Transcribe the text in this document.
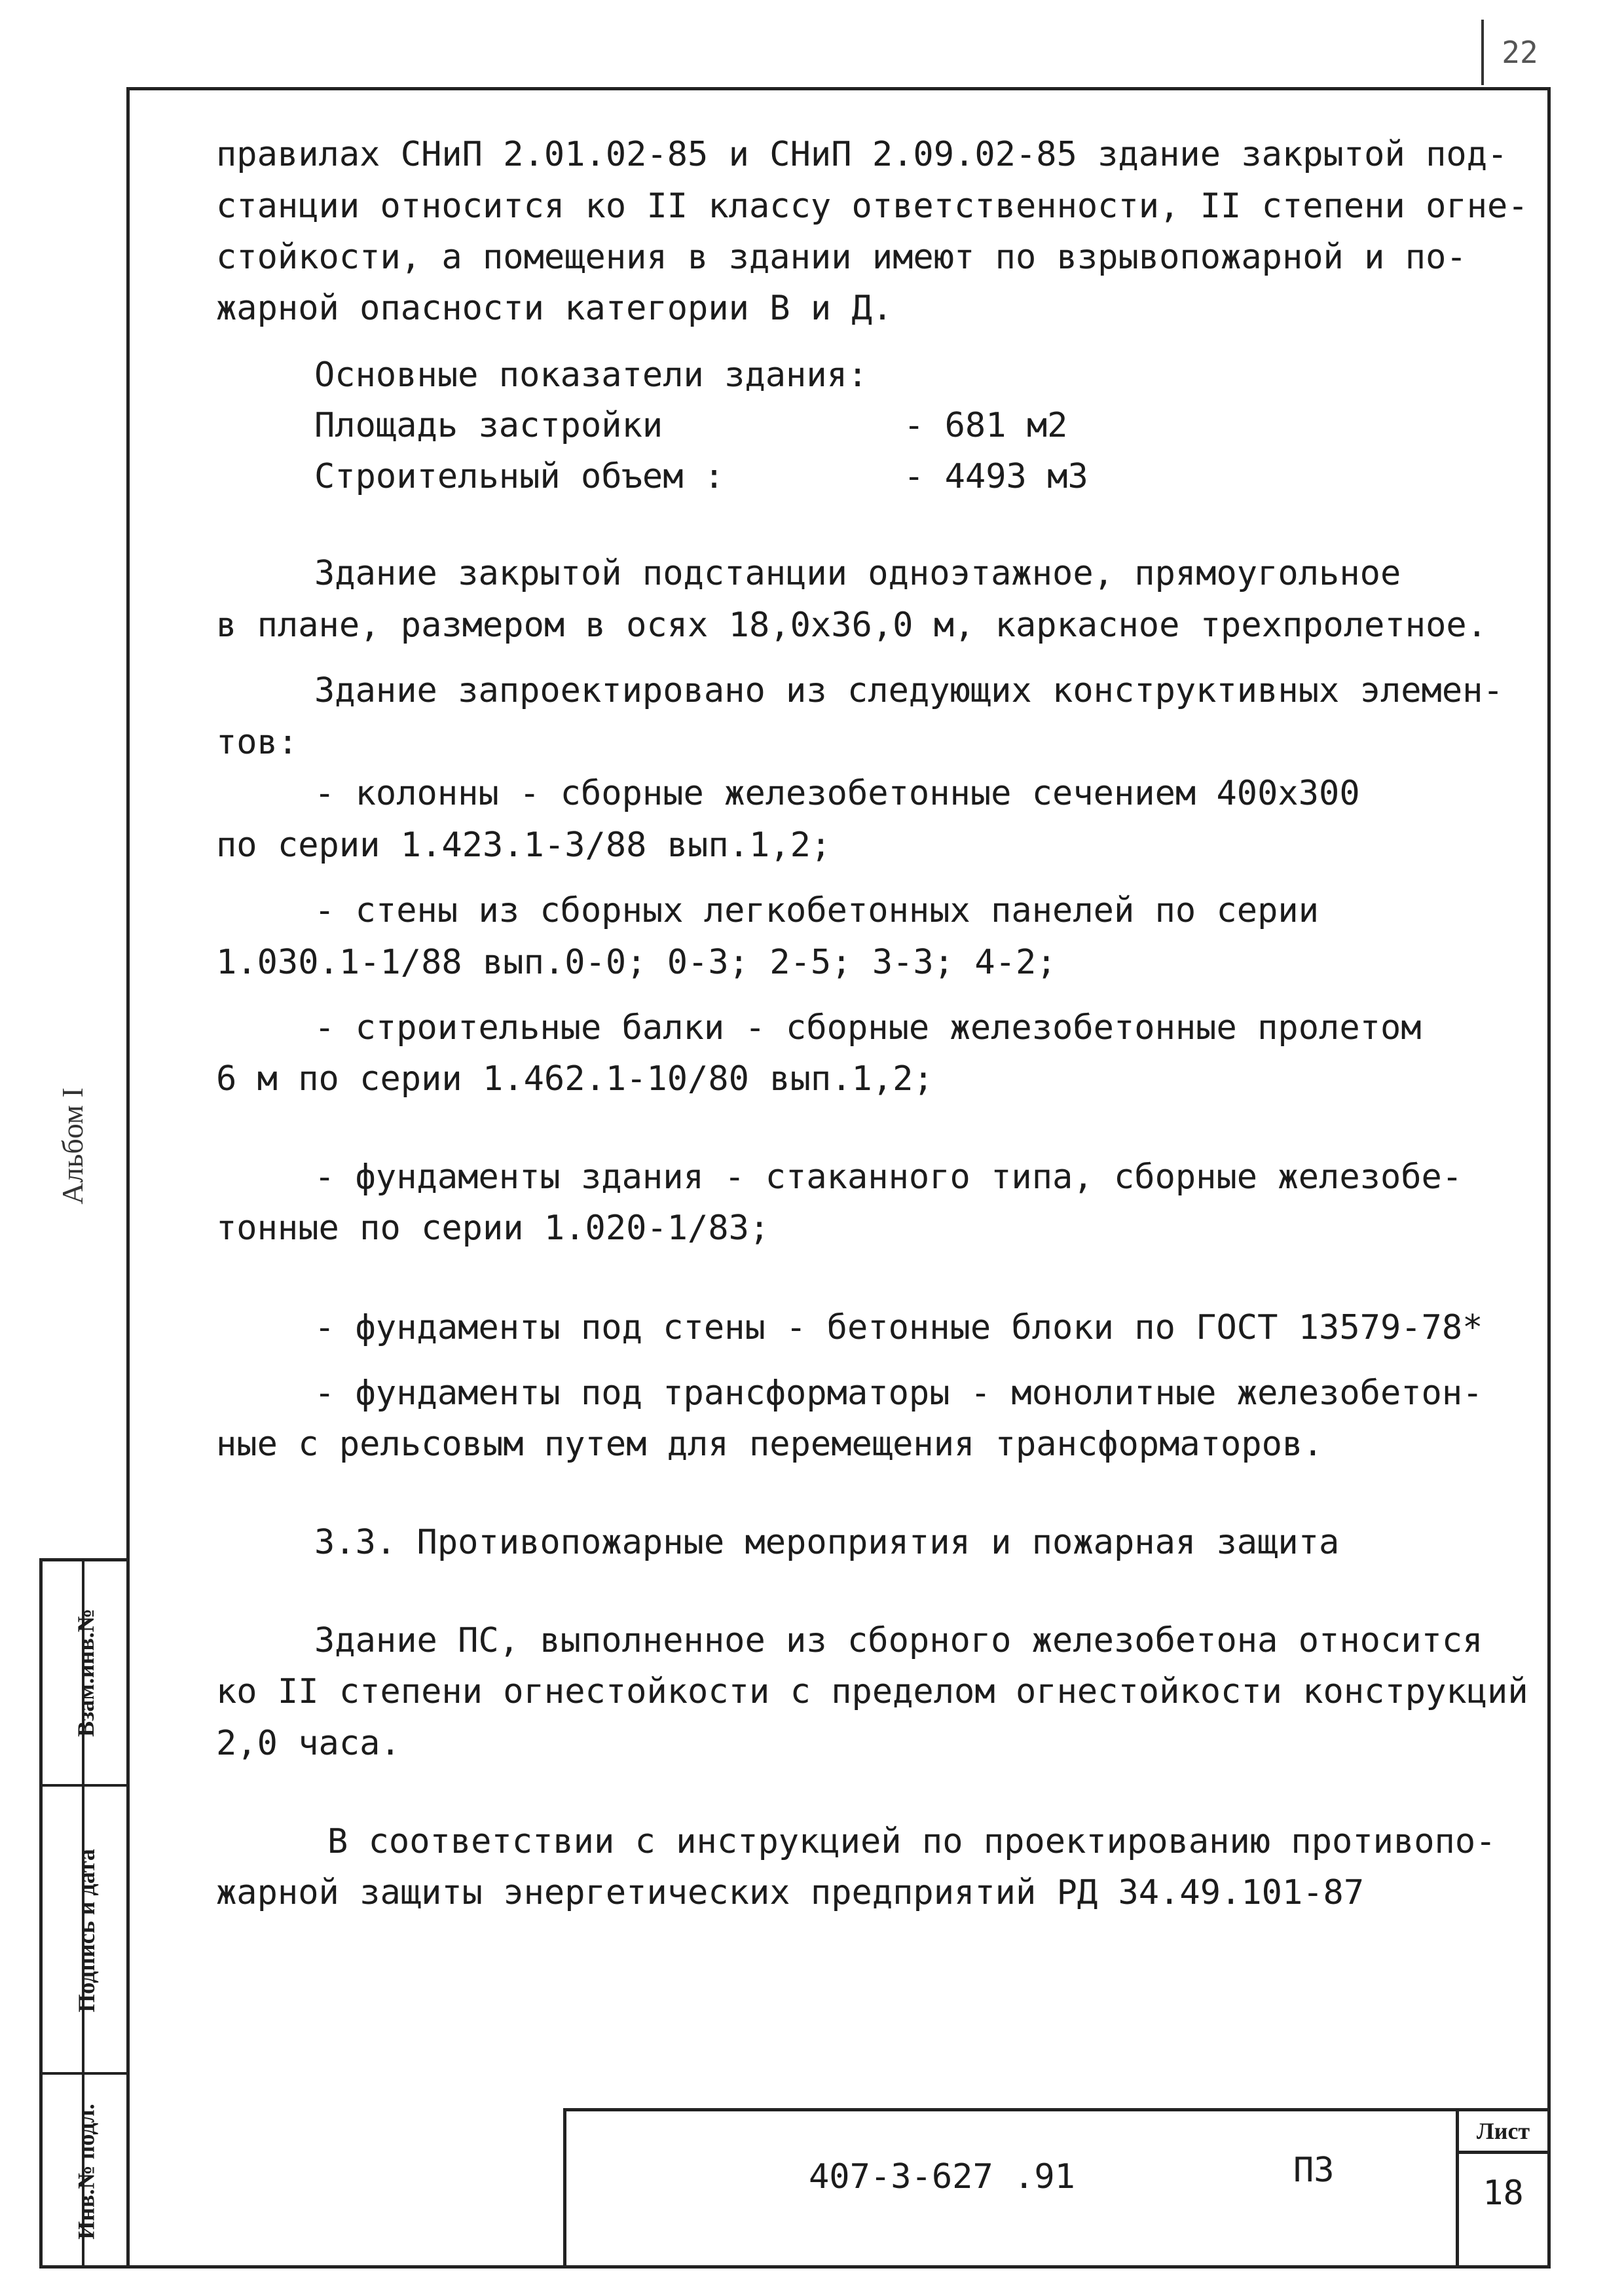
22
Альбом I
Взам.инв.№
Подпись и дата
Инв.№ подл.
правилах СНиП 2.01.02-85 и СНиП 2.09.02-85 здание закрытой под-
станции относится ко II классу ответственности, II степени огне-
стойкости, а помещения в здании имеют по взрывопожарной и по-
жарной опасности категории В и Д.
Основные показатели здания:
Площадь застройки	- 681 м2
Строительный объем :	- 4493 м3
Здание закрытой подстанции одноэтажное, прямоугольное
в плане, размером в осях 18,0х36,0 м, каркасное трехпролетное.
Здание запроектировано из следующих конструктивных элемен-
тов:
- колонны - сборные железобетонные сечением 400х300
по серии 1.423.1-3/88 вып.1,2;
- стены из сборных легкобетонных панелей по серии
1.030.1-1/88 вып.0-0; 0-3; 2-5; 3-3; 4-2;
- строительные балки - сборные железобетонные пролетом
6 м по серии 1.462.1-10/80 вып.1,2;
- фундаменты здания - стаканного типа, сборные железобе-
тонные по серии 1.020-1/83;
- фундаменты под стены - бетонные блоки по ГОСТ 13579-78*
- фундаменты под трансформаторы - монолитные железобетон-
ные с рельсовым путем для перемещения трансформаторов.
3.3. Противопожарные мероприятия и пожарная защита
Здание ПС, выполненное из сборного железобетона относится
ко II степени огнестойкости с пределом огнестойкости конструкций
2,0 часа.
В соответствии с инструкцией по проектированию противопо-
жарной защиты энергетических предприятий РД 34.49.101-87
407-3-627 .91	ПЗ
Лист
18
